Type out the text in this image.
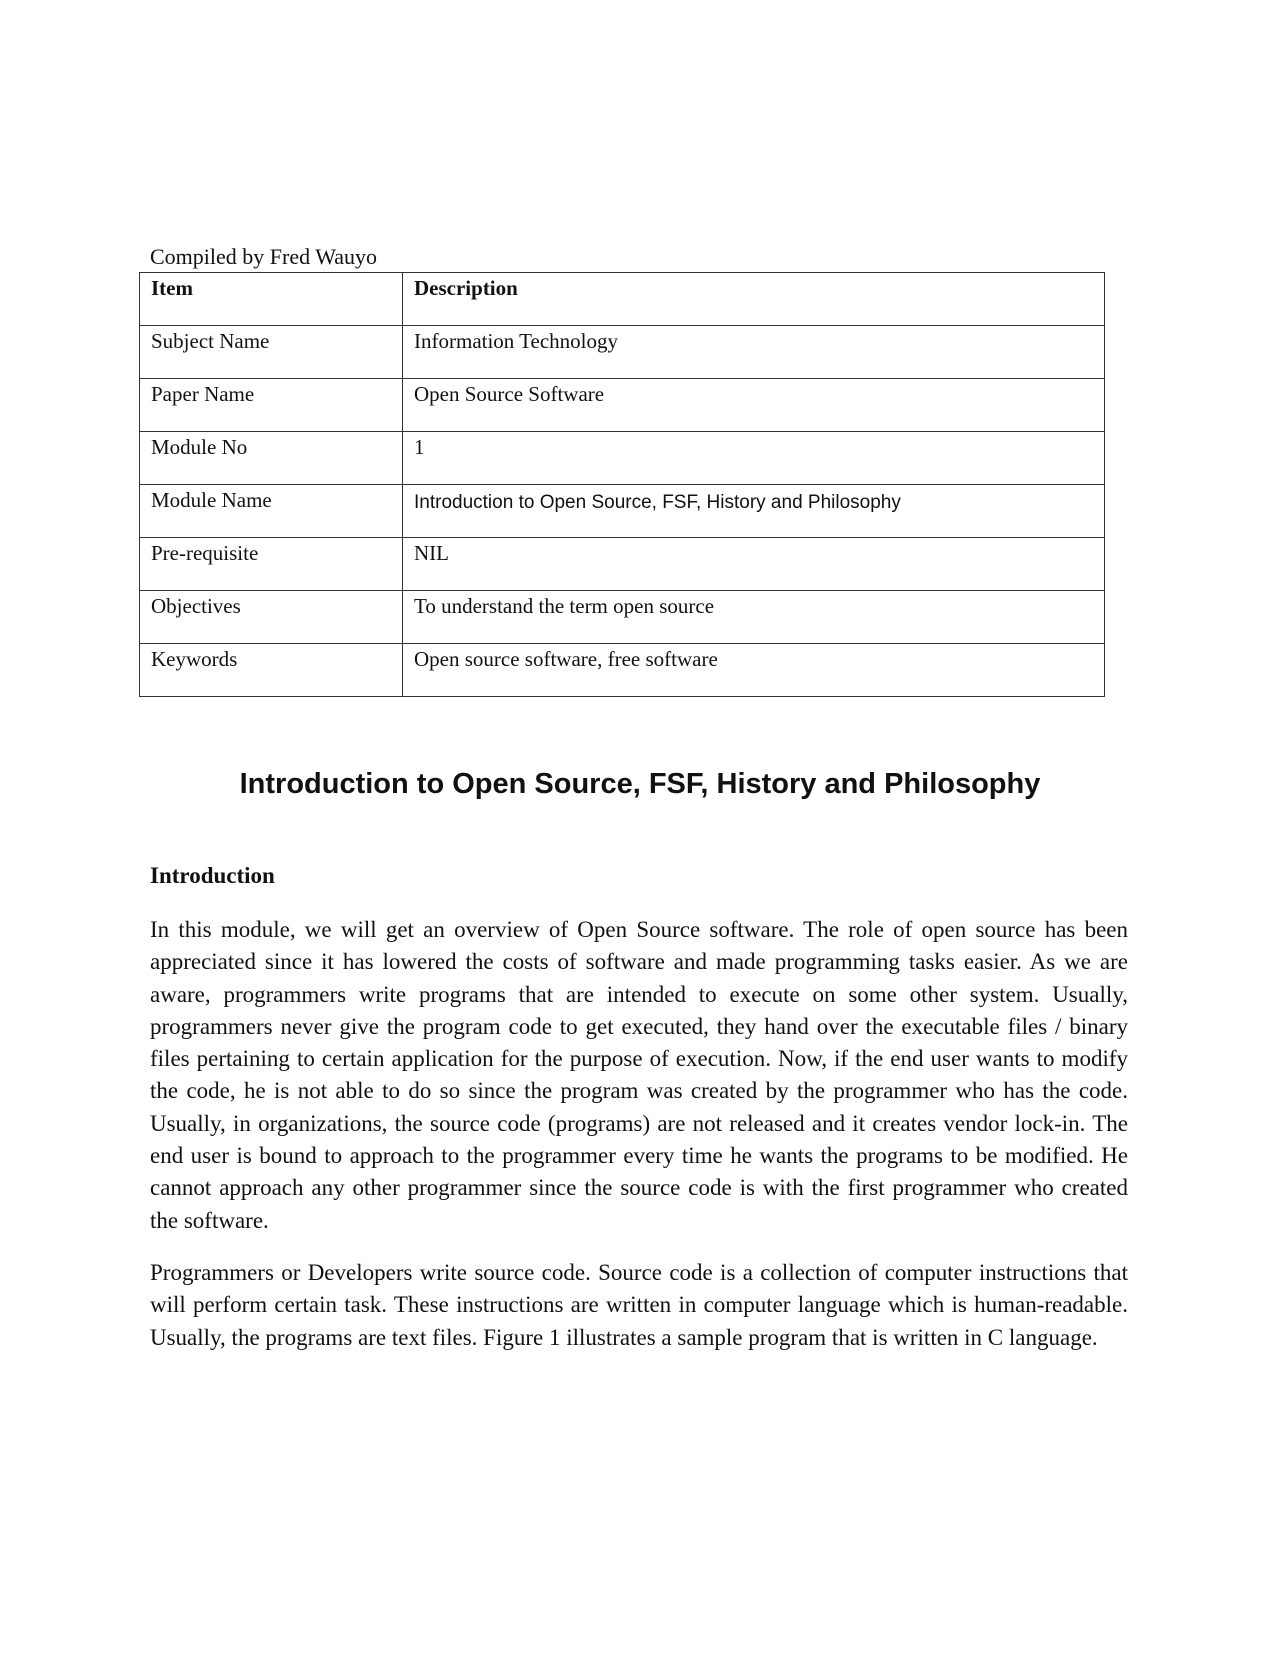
Compiled by Fred Wauyo
Item	Description
Subject Name	Information Technology
Paper Name	Open Source Software
Module No	1
Module Name	Introduction to Open Source, FSF, History and Philosophy
Pre-requisite	NIL
Objectives	To understand the term open source
Keywords	Open source software, free software
Introduction to Open Source, FSF, History and Philosophy
Introduction

In this module, we will get an overview of Open Source software. The role of open source has been appreciated since it has lowered the costs of software and made programming tasks easier. As we are aware, programmers write programs that are intended to execute on some other system. Usually, programmers never give the program code to get executed, they hand over the executable files / binary files pertaining to certain application for the purpose of execution. Now, if the end user wants to modify the code, he is not able to do so since the program was created by the programmer who has the code. Usually, in organizations, the source code (programs) are not released and it creates vendor lock-in. The end user is bound to approach to the programmer every time he wants the programs to be modified. He cannot approach any other programmer since the source code is with the first programmer who created the software.

Programmers or Developers write source code. Source code is a collection of computer instructions that will perform certain task. These instructions are written in computer language which is human-readable. Usually, the programs are text files. Figure 1 illustrates a sample program that is written in C language.
